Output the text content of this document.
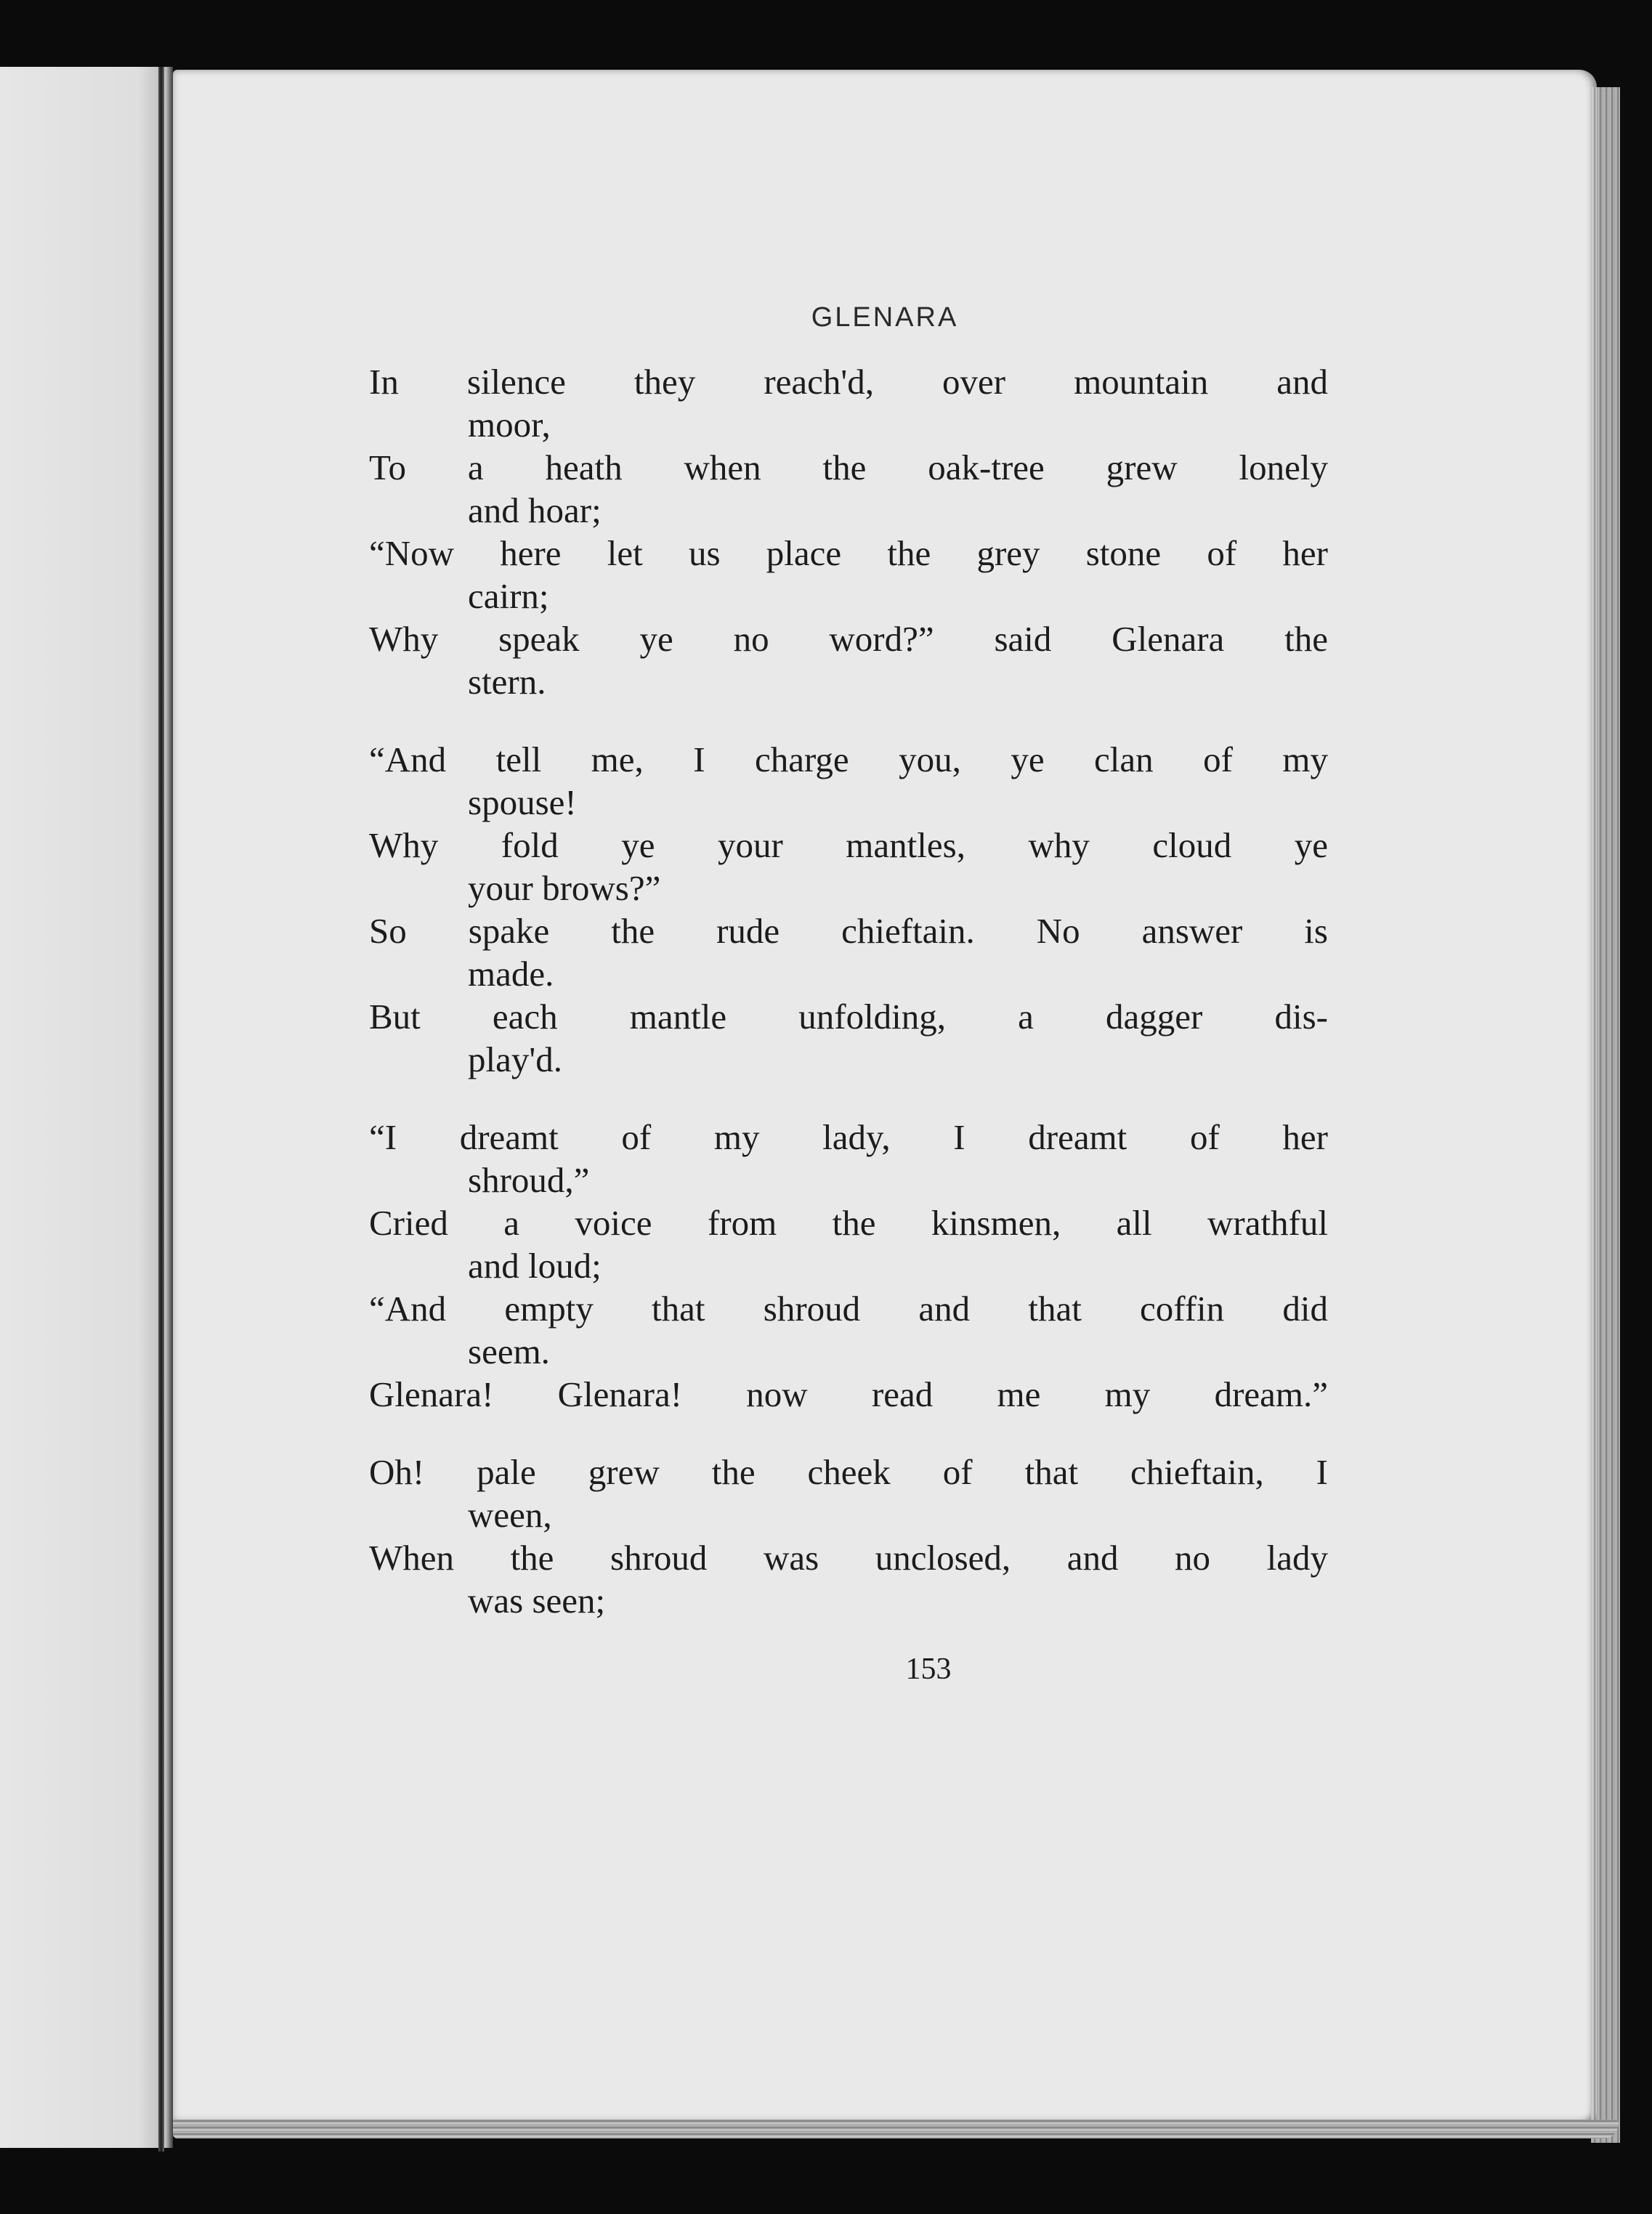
GLENARA
In silence they reach'd, over mountain and
moor,
To a heath when the oak-tree grew lonely
and hoar;
“Now here let us place the grey stone of her
cairn;
Why speak ye no word?” said Glenara the
stern.
“And tell me, I charge you, ye clan of my
spouse!
Why fold ye your mantles, why cloud ye
your brows?”
So spake the rude chieftain. No answer is
made.
But each mantle unfolding, a dagger dis-
play'd.
“I dreamt of my lady, I dreamt of her
shroud,”
Cried a voice from the kinsmen, all wrathful
and loud;
“And empty that shroud and that coffin did
seem.
Glenara! Glenara! now read me my dream.”
Oh! pale grew the cheek of that chieftain, I
ween,
When the shroud was unclosed, and no lady
was seen;
153
